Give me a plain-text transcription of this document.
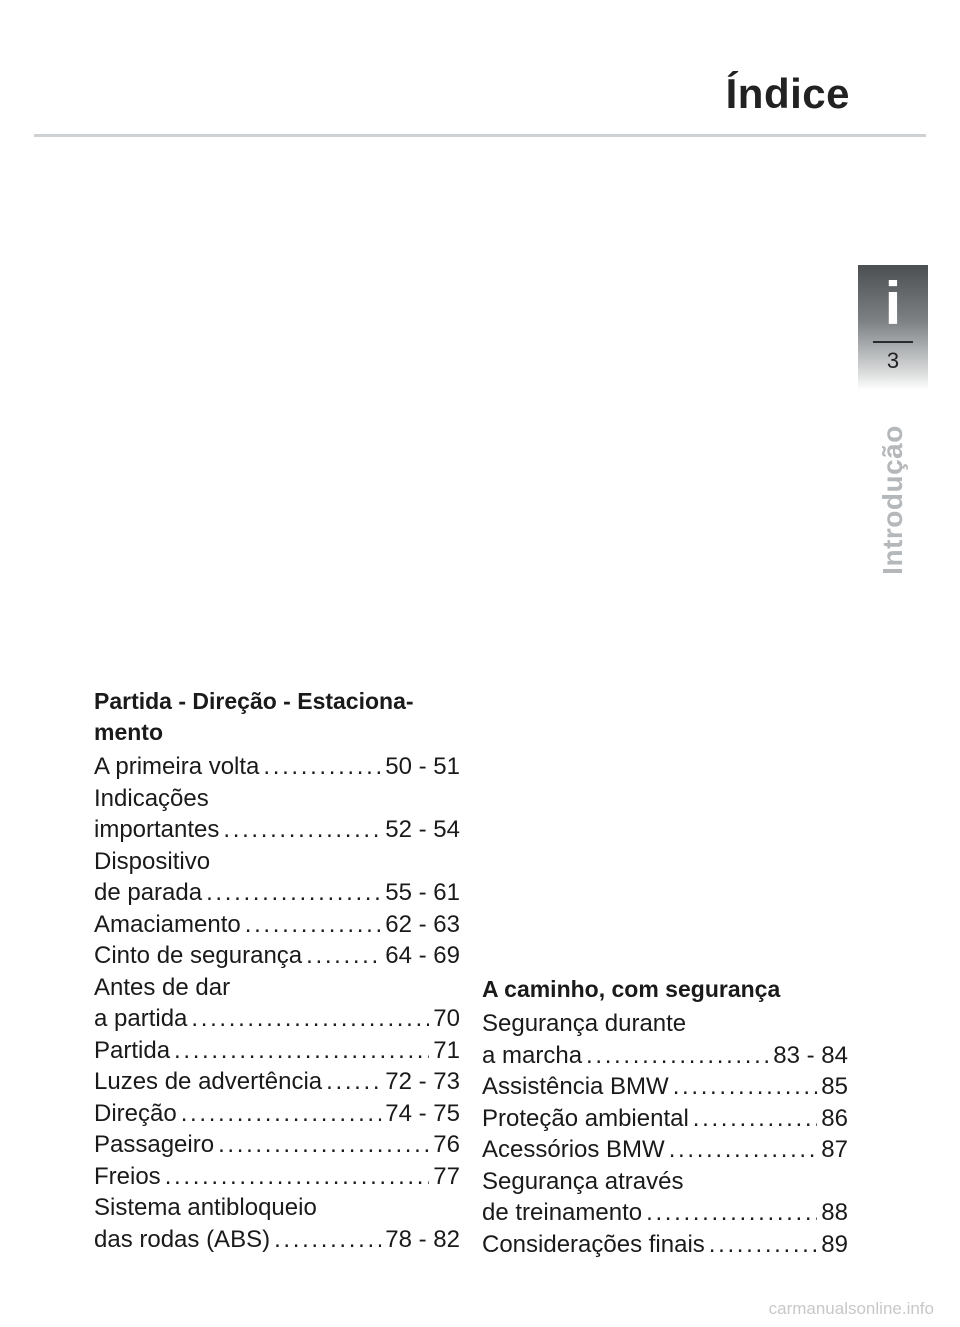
Índice
i
3
Introdução
Partida - Direção - Estaciona-
mento
A primeira volta . . .	50 - 51
Indicações
importantes . . .	52 - 54
Dispositivo
de parada . . .	55 - 61
Amaciamento . . .	62 - 63
Cinto de segurança . . .	64 - 69
Antes de dar
a partida . . .	70
Partida . . .	71
Luzes de advertência . . .	72 - 73
Direção . . .	74 - 75
Passageiro . . .	76
Freios . . .	77
Sistema antibloqueio
das rodas (ABS) . . .	78 - 82
A caminho, com segurança
Segurança durante
a marcha . . .	83 - 84
Assistência BMW . . .	85
Proteção ambiental . . .	86
Acessórios BMW . . .	87
Segurança através
de treinamento . . .	88
Considerações finais . . .	89
carmanualsonline.info
